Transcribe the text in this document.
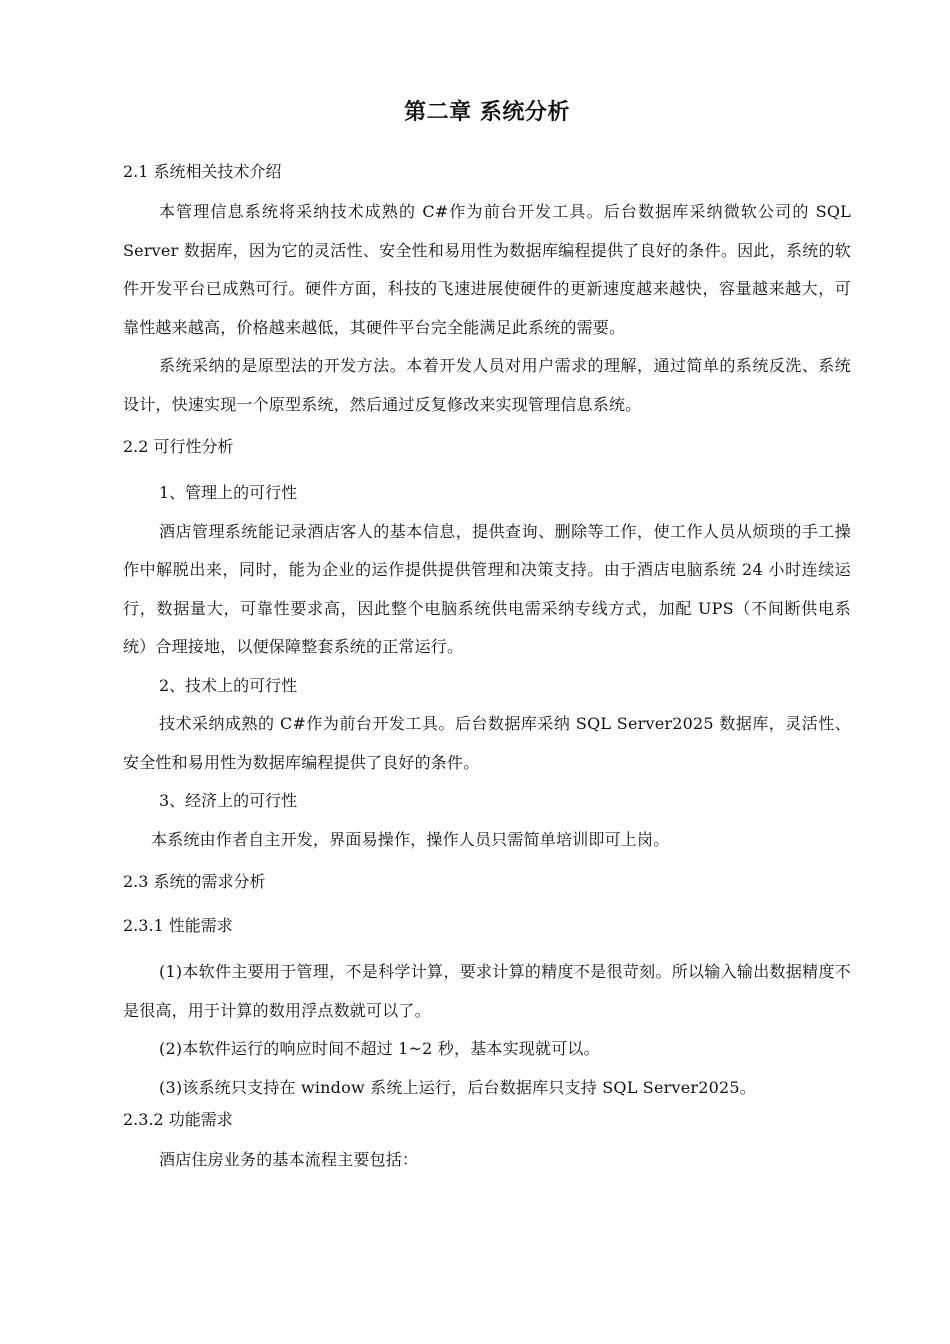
第二章 系统分析
2.1 系统相关技术介绍

本管理信息系统将采纳技术成熟的 C#作为前台开发工具。后台数据库采纳微软公司的 SQL Server 数据库，因为它的灵活性、安全性和易用性为数据库编程提供了良好的条件。因此，系统的软件开发平台已成熟可行。硬件方面，科技的飞速进展使硬件的更新速度越来越快，容量越来越大，可靠性越来越高，价格越来越低，其硬件平台完全能满足此系统的需要。

系统采纳的是原型法的开发方法。本着开发人员对用户需求的理解，通过简单的系统反洗、系统设计，快速实现一个原型系统，然后通过反复修改来实现管理信息系统。

2.2 可行性分析

1、管理上的可行性

酒店管理系统能记录酒店客人的基本信息，提供查询、删除等工作，使工作人员从烦琐的手工操作中解脱出来，同时，能为企业的运作提供提供管理和决策支持。由于酒店电脑系统 24 小时连续运行，数据量大，可靠性要求高，因此整个电脑系统供电需采纳专线方式，加配 UPS（不间断供电系统）合理接地，以便保障整套系统的正常运行。

2、技术上的可行性

技术采纳成熟的 C#作为前台开发工具。后台数据库采纳 SQL Server2025 数据库，灵活性、安全性和易用性为数据库编程提供了良好的条件。

3、经济上的可行性

本系统由作者自主开发，界面易操作，操作人员只需简单培训即可上岗。

2.3 系统的需求分析
2.3.1 性能需求

(1)本软件主要用于管理，不是科学计算，要求计算的精度不是很苛刻。所以输入输出数据精度不是很高，用于计算的数用浮点数就可以了。

(2)本软件运行的响应时间不超过 1~2 秒，基本实现就可以。

(3)该系统只支持在 window 系统上运行，后台数据库只支持 SQL Server2025。

2.3.2 功能需求

酒店住房业务的基本流程主要包括：
